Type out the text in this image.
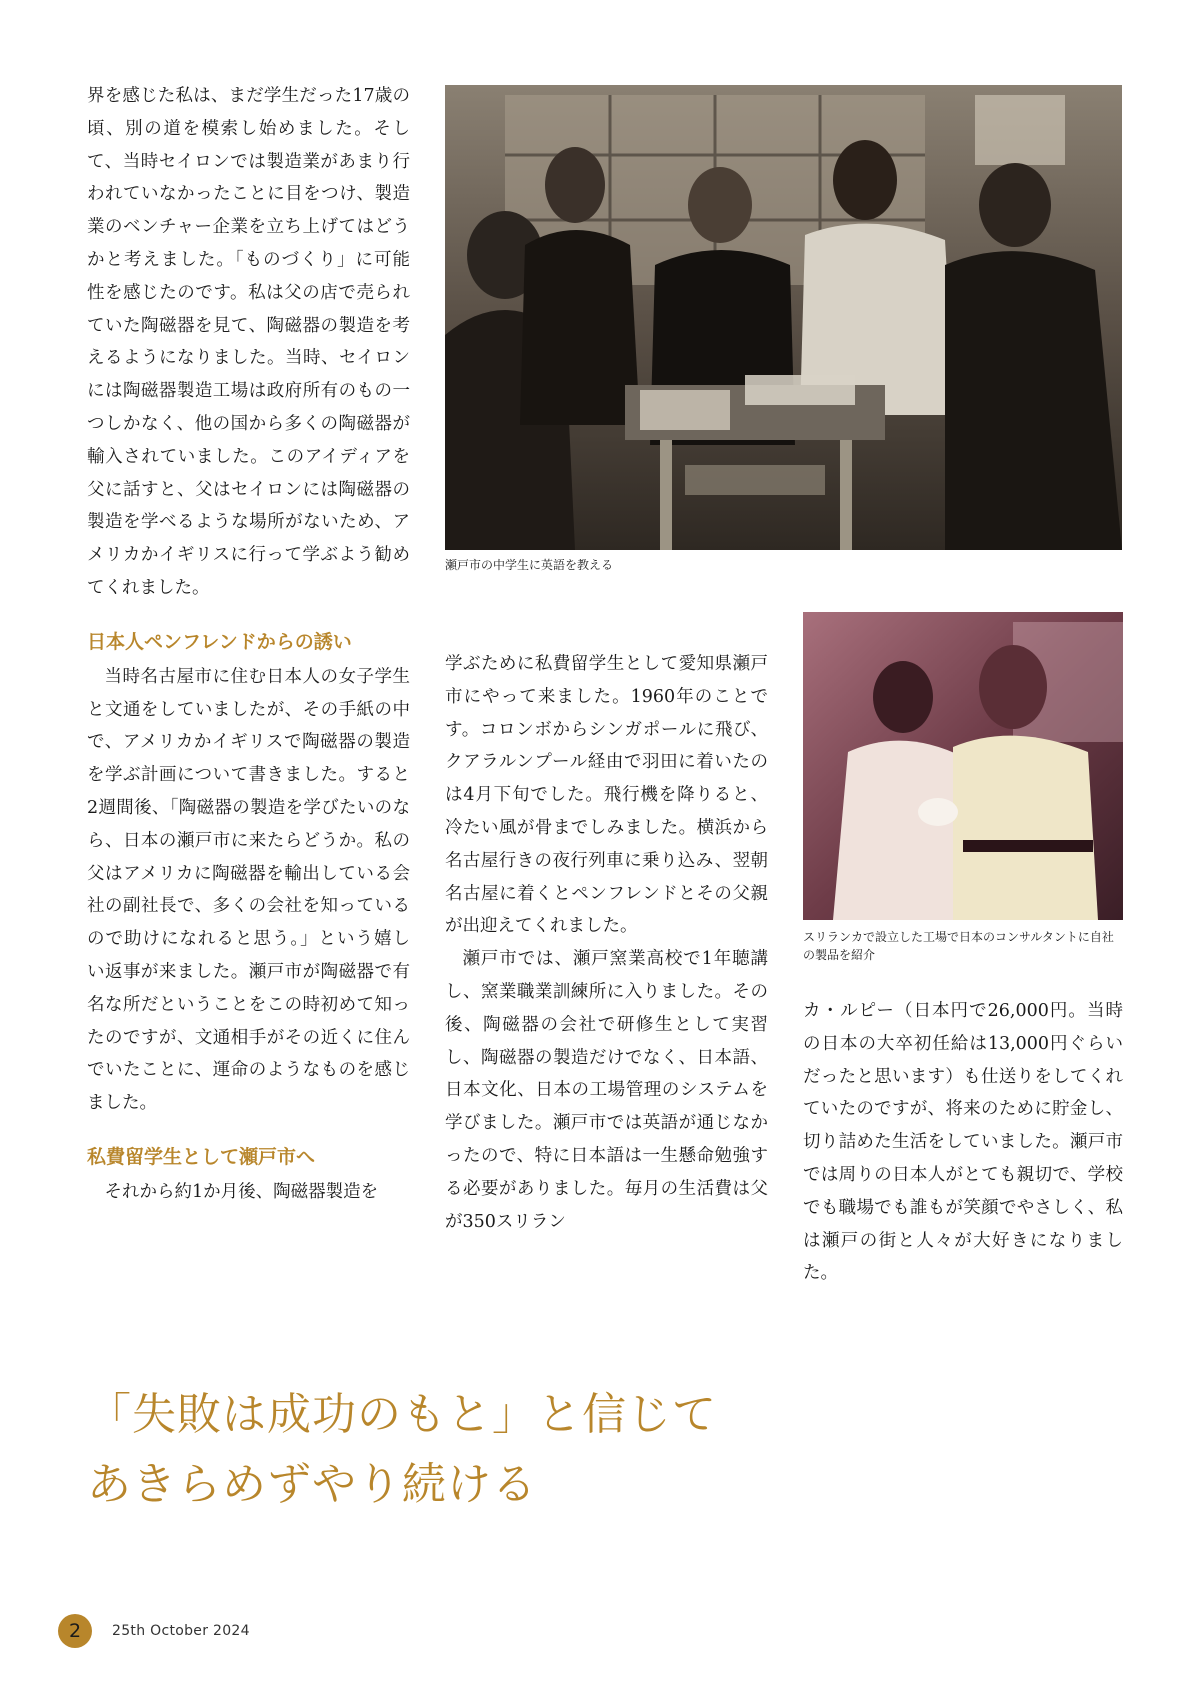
界を感じた私は、まだ学生だった17歳の頃、別の道を模索し始めました。そして、当時セイロンでは製造業があまり行われていなかったことに目をつけ、製造業のベンチャー企業を立ち上げてはどうかと考えました。「ものづくり」に可能性を感じたのです。私は父の店で売られていた陶磁器を見て、陶磁器の製造を考えるようになりました。当時、セイロンには陶磁器製造工場は政府所有のもの一つしかなく、他の国から多くの陶磁器が輸入されていました。このアイディアを父に話すと、父はセイロンには陶磁器の製造を学べるような場所がないため、アメリカかイギリスに行って学ぶよう勧めてくれました。

日本人ペンフレンドからの誘い

当時名古屋市に住む日本人の女子学生と文通をしていましたが、その手紙の中で、アメリカかイギリスで陶磁器の製造を学ぶ計画について書きました。すると2週間後、「陶磁器の製造を学びたいのなら、日本の瀬戸市に来たらどうか。私の父はアメリカに陶磁器を輸出している会社の副社長で、多くの会社を知っているので助けになれると思う。」という嬉しい返事が来ました。瀬戸市が陶磁器で有名な所だということをこの時初めて知ったのですが、文通相手がその近くに住んでいたことに、運命のようなものを感じました。

私費留学生として瀬戸市へ

それから約1か月後、陶磁器製造を

瀬戸市の中学生に英語を教える

学ぶために私費留学生として愛知県瀬戸市にやって来ました。1960年のことです。コロンボからシンガポールに飛び、クアラルンプール経由で羽田に着いたのは4月下旬でした。飛行機を降りると、冷たい風が骨までしみました。横浜から名古屋行きの夜行列車に乗り込み、翌朝名古屋に着くとペンフレンドとその父親が出迎えてくれました。

瀬戸市では、瀬戸窯業高校で1年聴講し、窯業職業訓練所に入りました。その後、陶磁器の会社で研修生として実習し、陶磁器の製造だけでなく、日本語、日本文化、日本の工場管理のシステムを学びました。瀬戸市では英語が通じなかったので、特に日本語は一生懸命勉強する必要がありました。毎月の生活費は父が350スリラン

スリランカで設立した工場で日本のコンサルタントに自社の製品を紹介

カ・ルピー（日本円で26,000円。当時の日本の大卒初任給は13,000円ぐらいだったと思います）も仕送りをしてくれていたのですが、将来のために貯金し、切り詰めた生活をしていました。瀬戸市では周りの日本人がとても親切で、学校でも職場でも誰もが笑顔でやさしく、私は瀬戸の街と人々が大好きになりました。

「失敗は成功のもと」と信じて
あきらめずやり続ける
2	25th October 2024
